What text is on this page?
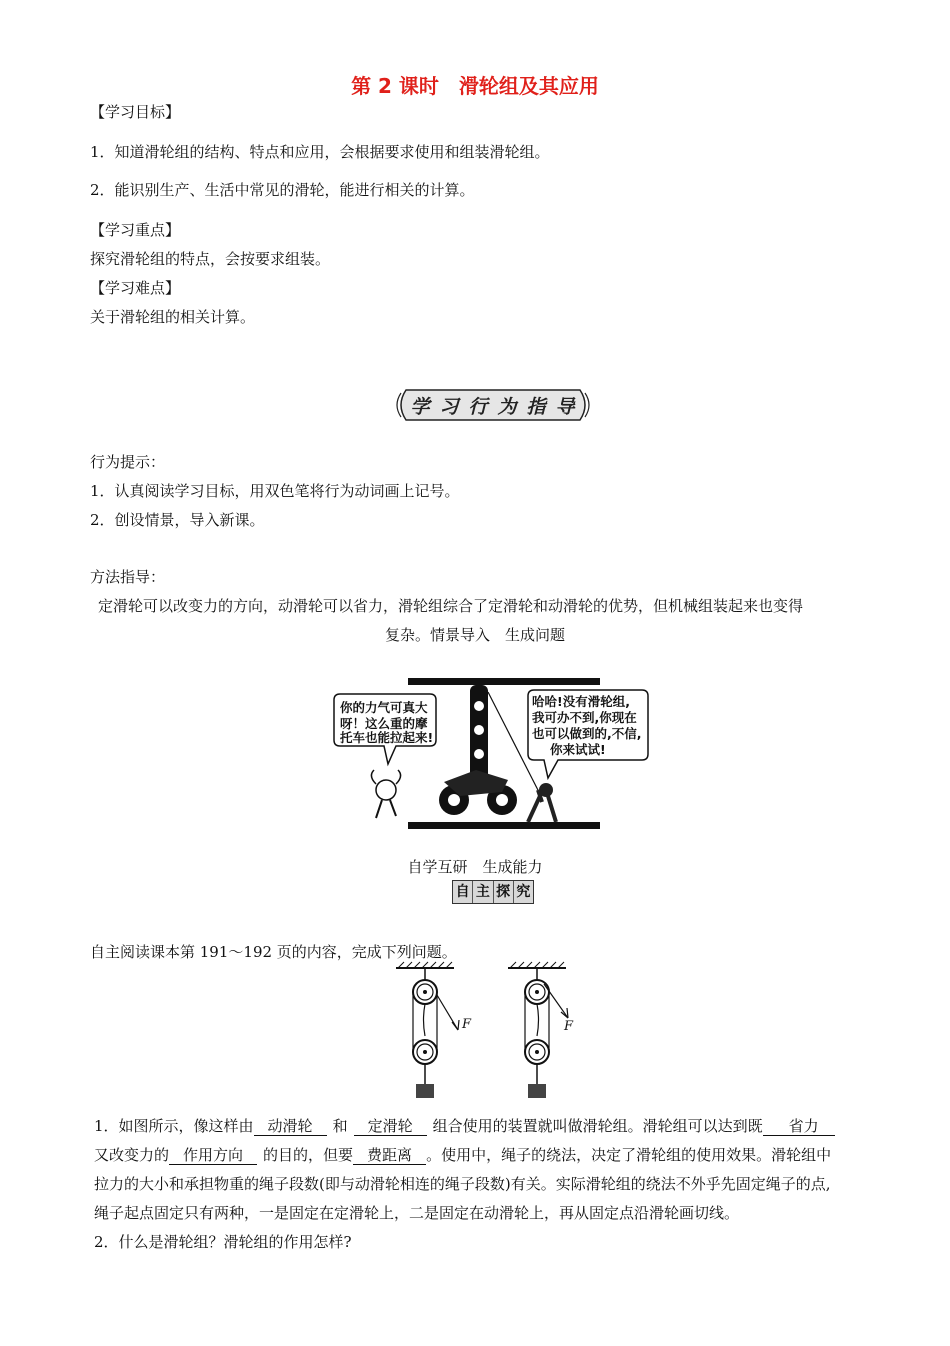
第 2 课时　滑轮组及其应用
【学习目标】
1．知道滑轮组的结构、特点和应用，会根据要求使用和组装滑轮组。
2．能识别生产、生活中常见的滑轮，能进行相关的计算。
【学习重点】
探究滑轮组的特点，会按要求组装。
【学习难点】
关于滑轮组的相关计算。
学 习 行 为 指 导
行为提示：
1．认真阅读学习目标，用双色笔将行为动词画上记号。
2．创设情景，导入新课。
方法指导：
定滑轮可以改变力的方向，动滑轮可以省力，滑轮组综合了定滑轮和动滑轮的优势，但机械组装起来也变得
复杂。情景导入　生成问题
你的力气可真大
呀！这么重的摩
托车也能拉起来!
哈哈!没有滑轮组,
我可办不到,你现在
也可以做到的,不信,
你来试试!
自学互研　生成能力
自 主 探 究
自主阅读课本第 191～192 页的内容，完成下列问题。
F	F
1．如图所示，像这样由 动滑轮 和 定滑轮 组合使用的装置就叫做滑轮组。滑轮组可以达到既 省力
又改变力的 作用方向 的目的，但要 费距离 。使用中，绳子的绕法，决定了滑轮组的使用效果。滑轮组中
拉力的大小和承担物重的绳子段数(即与动滑轮相连的绳子段数)有关。实际滑轮组的绕法不外乎先固定绳子的点,
绳子起点固定只有两种，一是固定在定滑轮上，二是固定在动滑轮上，再从固定点沿滑轮画切线。
2．什么是滑轮组？滑轮组的作用怎样?
